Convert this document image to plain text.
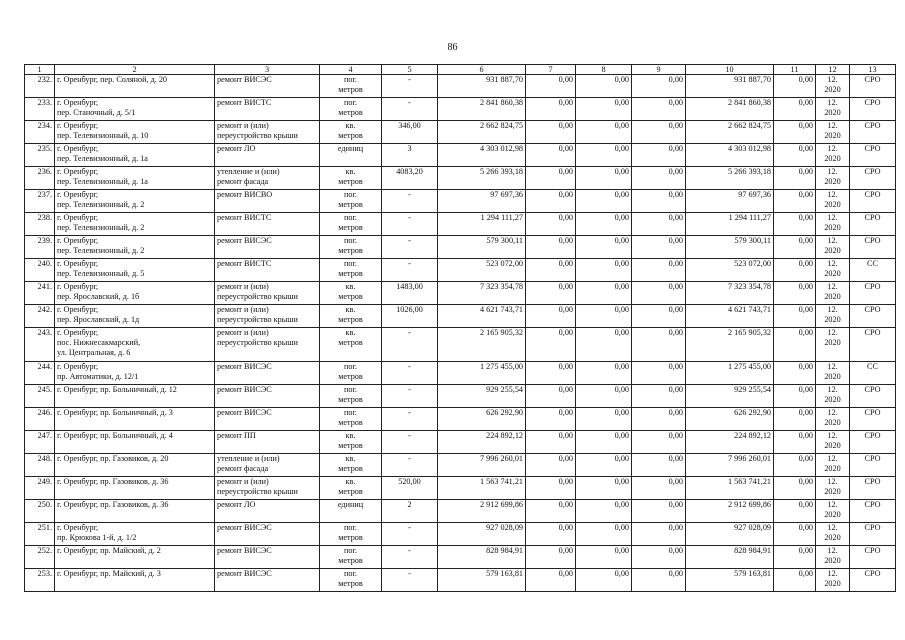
86
1	2	3	4	5	6	7	8	9	10	11	12	13
232.	г. Оренбург, пер. Соляной, д. 20	ремонт ВИСЭС	пог.
метров	-	931 887,70	0,00	0,00	0,00	931 887,70	0,00	12.
2020	СРО
233.	г. Оренбург,
пер. Станочный, д. 5/1	ремонт ВИСТС	пог.
метров	-	2 841 860,38	0,00	0,00	0,00	2 841 860,38	0,00	12.
2020	СРО
234.	г. Оренбург,
пер. Телевизионный, д. 10	ремонт и (или)
переустройство крыши	кв.
метров	346,00	2 662 824,75	0,00	0,00	0,00	2 662 824,75	0,00	12.
2020	СРО
235.	г. Оренбург,
пер. Телевизионный, д. 1а	ремонт ЛО	единиц	3	4 303 012,98	0,00	0,00	0,00	4 303 012,98	0,00	12.
2020	СРО
236.	г. Оренбург,
пер. Телевизионный, д. 1а	утепление и (или)
ремонт фасада	кв.
метров	4083,20	5 266 393,18	0,00	0,00	0,00	5 266 393,18	0,00	12.
2020	СРО
237.	г. Оренбург,
пер. Телевизионный, д. 2	ремонт ВИСВО	пог.
метров	-	97 697,36	0,00	0,00	0,00	97 697,36	0,00	12.
2020	СРО
238.	г. Оренбург,
пер. Телевизионный, д. 2	ремонт ВИСТС	пог.
метров	-	1 294 111,27	0,00	0,00	0,00	1 294 111,27	0,00	12.
2020	СРО
239.	г. Оренбург,
пер. Телевизионный, д. 2	ремонт ВИСЭС	пог.
метров	-	579 300,11	0,00	0,00	0,00	579 300,11	0,00	12.
2020	СРО
240.	г. Оренбург,
пер. Телевизионный, д. 5	ремонт ВИСТС	пог.
метров	-	523 072,00	0,00	0,00	0,00	523 072,00	0,00	12.
2020	СС
241.	г. Оренбург,
пер. Ярославский, д. 1б	ремонт и (или)
переустройство крыши	кв.
метров	1483,00	7 323 354,78	0,00	0,00	0,00	7 323 354,78	0,00	12.
2020	СРО
242.	г. Оренбург,
пер. Ярославский, д. 1д	ремонт и (или)
переустройство крыши	кв.
метров	1026,00	4 621 743,71	0,00	0,00	0,00	4 621 743,71	0,00	12.
2020	СРО
243.	г. Оренбург,
пос. Нижнесакмарский,
ул. Центральная, д. 6	ремонт и (или)
переустройство крыши	кв.
метров	-	2 165 905,32	0,00	0,00	0,00	2 165 905,32	0,00	12.
2020	СРО
244.	г. Оренбург,
пр. Автоматики, д. 12/1	ремонт ВИСЭС	пог.
метров	-	1 275 455,00	0,00	0,00	0,00	1 275 455,00	0,00	12.
2020	СС
245.	г. Оренбург, пр. Больничный, д. 12	ремонт ВИСЭС	пог.
метров	-	929 255,54	0,00	0,00	0,00	929 255,54	0,00	12.
2020	СРО
246.	г. Оренбург, пр. Больничный, д. 3	ремонт ВИСЭС	пог.
метров	-	626 292,90	0,00	0,00	0,00	626 292,90	0,00	12.
2020	СРО
247.	г. Оренбург, пр. Больничный, д. 4	ремонт ПП	кв.
метров	-	224 892,12	0,00	0,00	0,00	224 892,12	0,00	12.
2020	СРО
248.	г. Оренбург, пр. Газовиков, д. 20	утепление и (или)
ремонт фасада	кв.
метров	-	7 996 260,01	0,00	0,00	0,00	7 996 260,01	0,00	12.
2020	СРО
249.	г. Оренбург, пр. Газовиков, д. 36	ремонт и (или)
переустройство крыши	кв.
метров	520,00	1 563 741,21	0,00	0,00	0,00	1 563 741,21	0,00	12.
2020	СРО
250.	г. Оренбург, пр. Газовиков, д. 36	ремонт ЛО	единиц	2	2 912 699,86	0,00	0,00	0,00	2 912 699,86	0,00	12.
2020	СРО
251.	г. Оренбург,
пр. Крюкова 1-й, д. 1/2	ремонт ВИСЭС	пог.
метров	-	927 028,09	0,00	0,00	0,00	927 028,09	0,00	12.
2020	СРО
252.	г. Оренбург, пр. Майский, д. 2	ремонт ВИСЭС	пог.
метров	-	828 984,91	0,00	0,00	0,00	828 984,91	0,00	12.
2020	СРО
253.	г. Оренбург, пр. Майский, д. 3	ремонт ВИСЭС	пог.
метров	-	579 163,81	0,00	0,00	0,00	579 163,81	0,00	12.
2020	СРО
